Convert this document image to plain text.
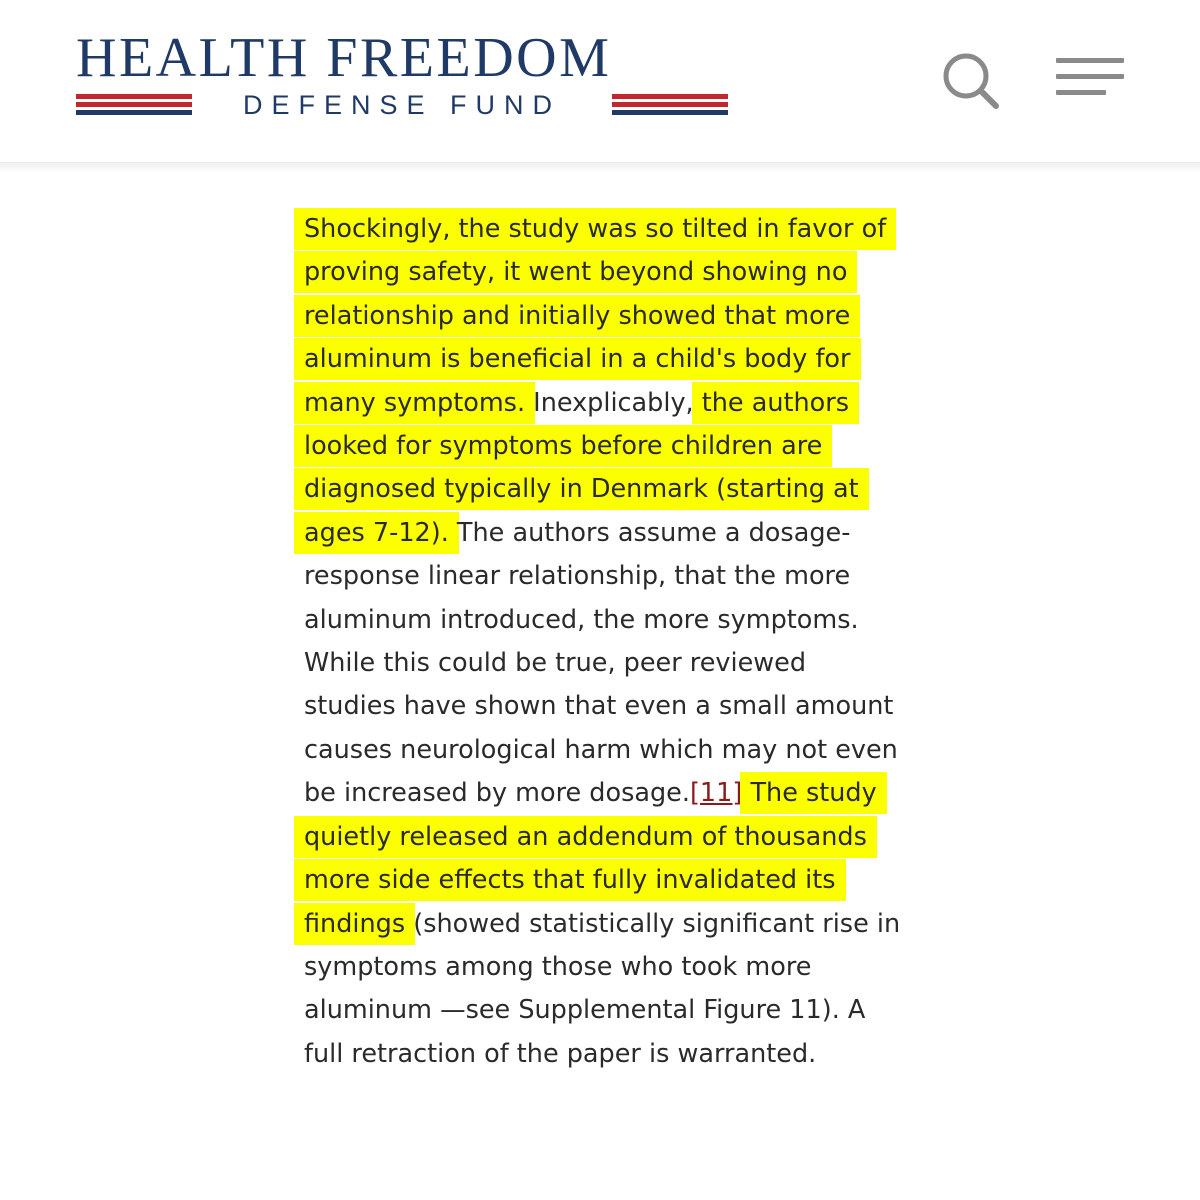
HEALTH FREEDOM
DEFENSE FUND

Shockingly, the study was so tilted in favor of proving safety, it went beyond showing no relationship and initially showed that more aluminum is beneficial in a child's body for many symptoms. Inexplicably, the authors looked for symptoms before children are diagnosed typically in Denmark (starting at ages 7-12). The authors assume a dosage-response linear relationship, that the more aluminum introduced, the more symptoms. While this could be true, peer reviewed studies have shown that even a small amount causes neurological harm which may not even be increased by more dosage.[11] The study quietly released an addendum of thousands more side effects that fully invalidated its findings (showed statistically significant rise in symptoms among those who took more aluminum —see Supplemental Figure 11). A full retraction of the paper is warranted.
